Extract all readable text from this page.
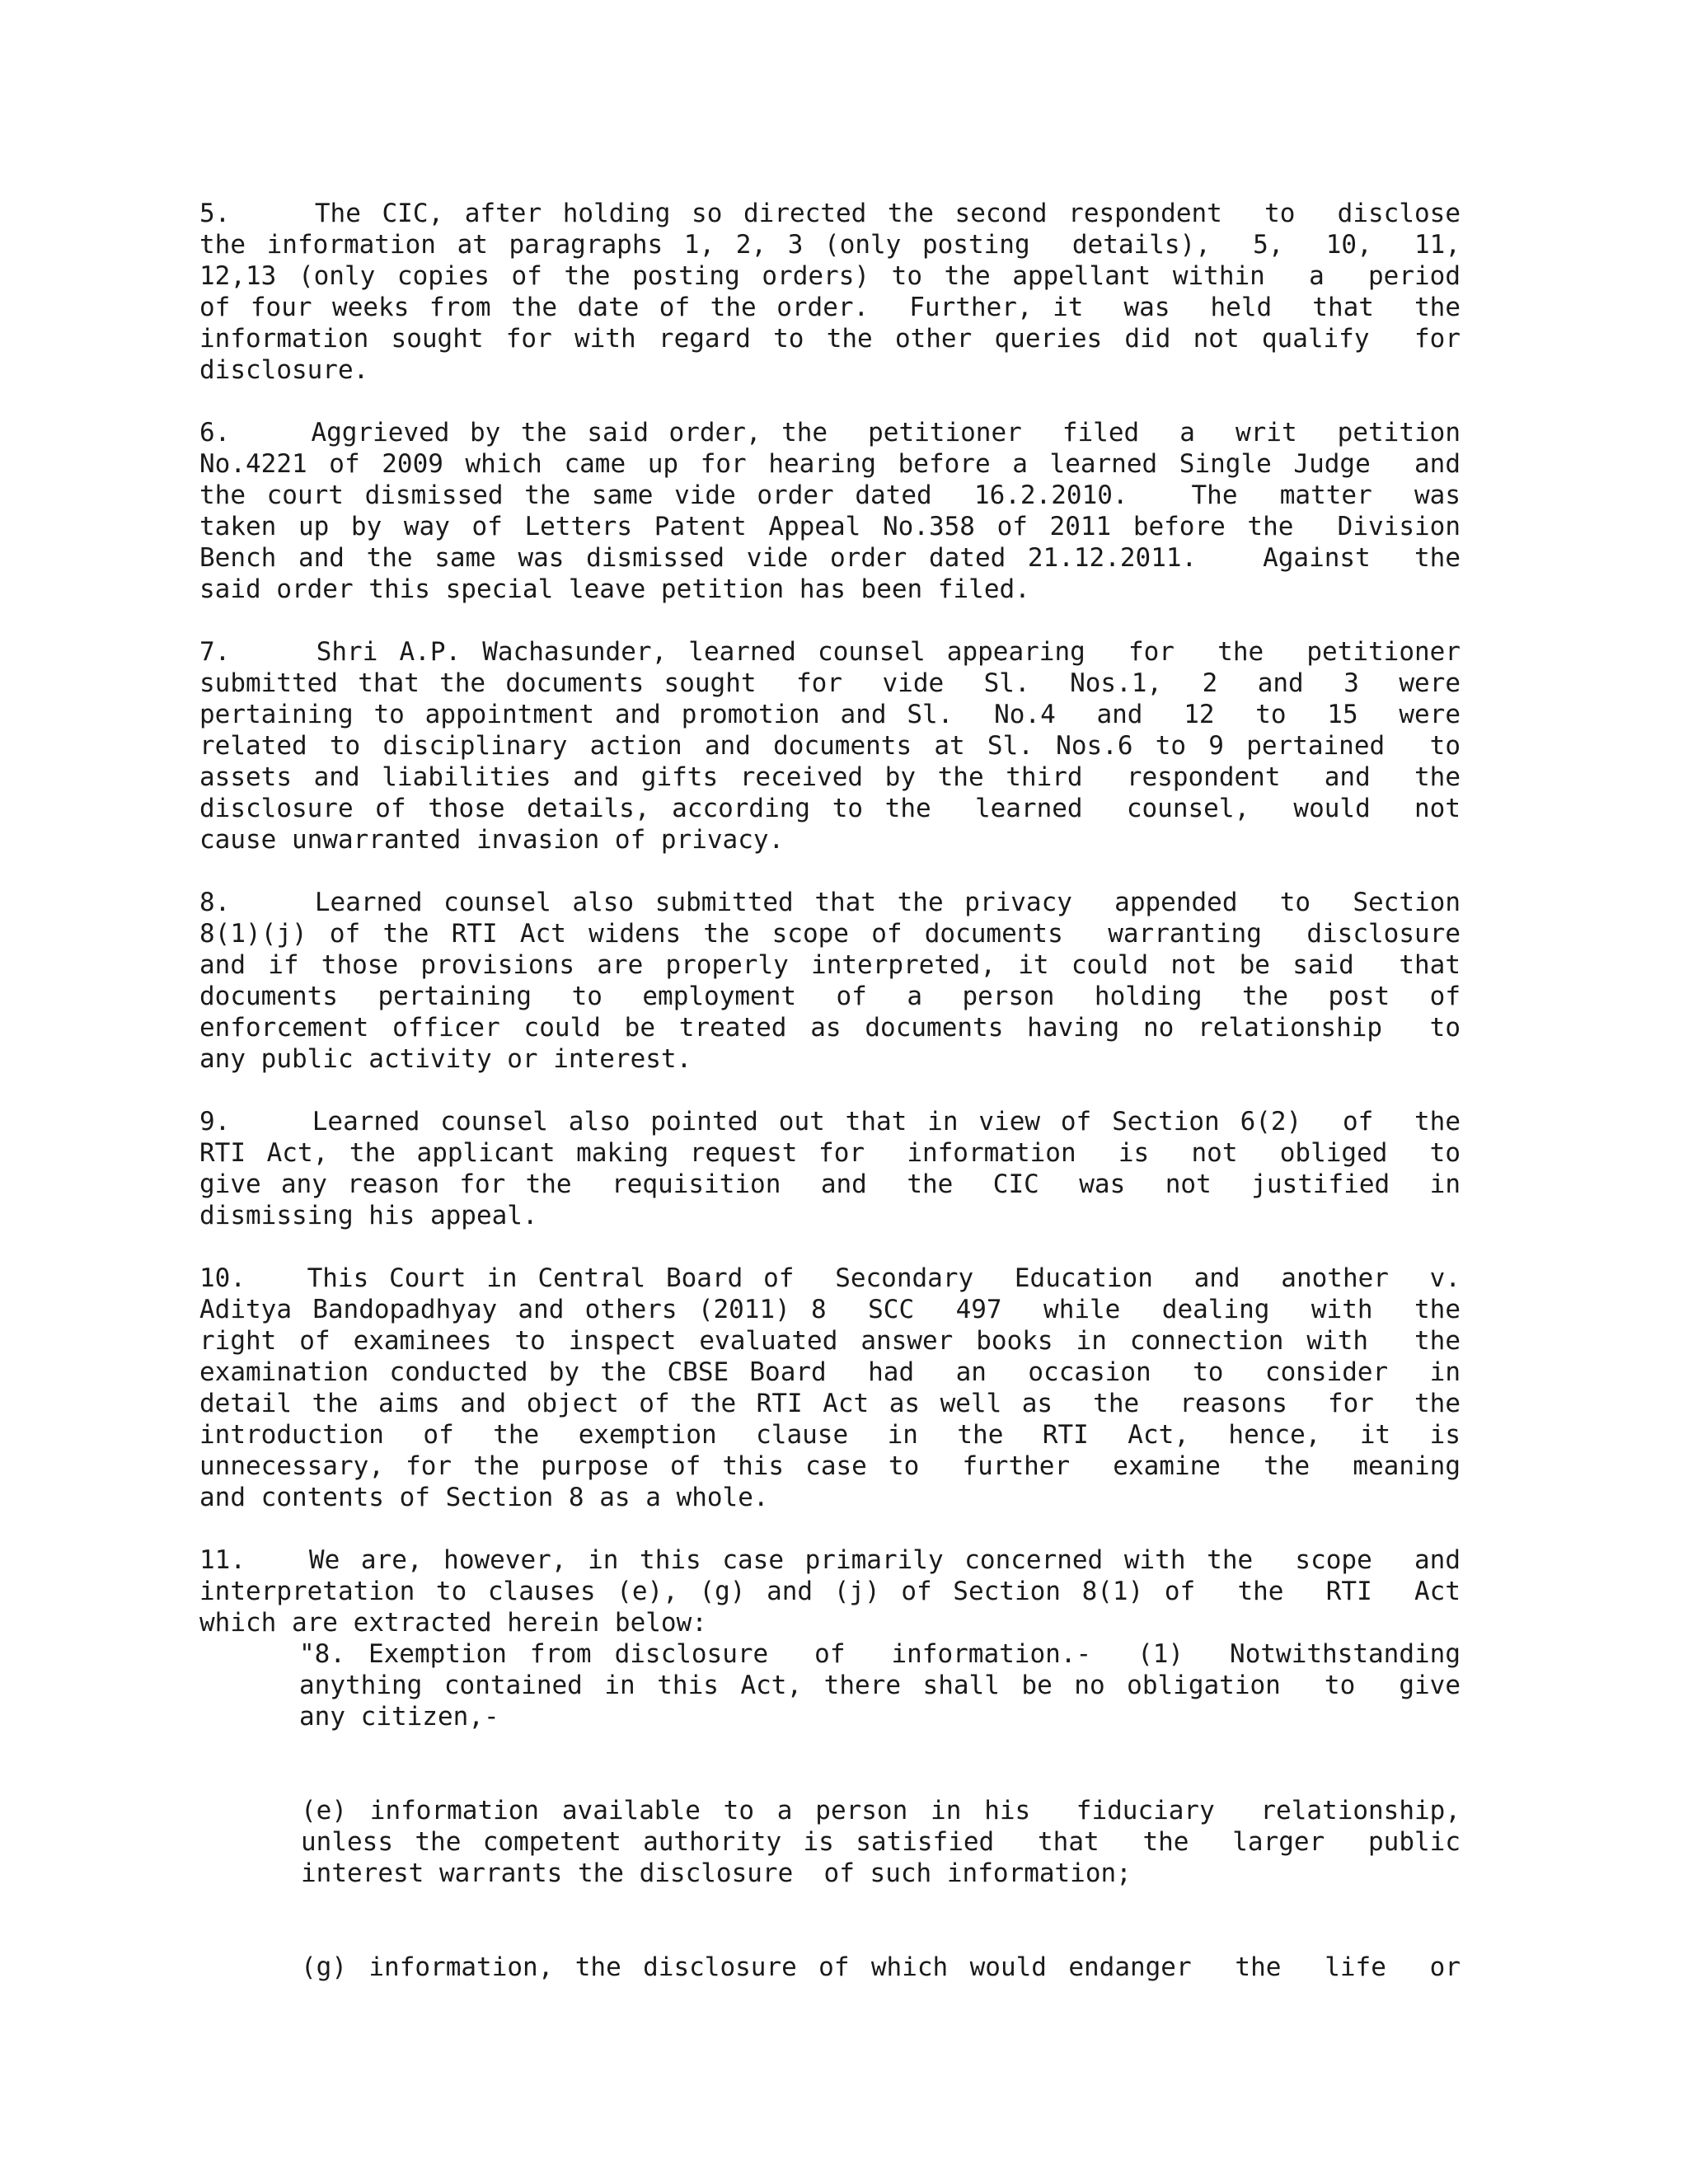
5.    The CIC, after holding so directed the second respondent  to  disclose
the information at paragraphs 1, 2, 3 (only posting  details),  5,  10,  11,
12,13 (only copies of the posting orders) to the appellant within  a  period
of four weeks from the date of the order.  Further, it  was  held  that  the
information sought for with regard to the other queries did not qualify  for
disclosure.
6.    Aggrieved by the said order, the  petitioner  filed  a  writ  petition
No.4221 of 2009 which came up for hearing before a learned Single Judge  and
the court dismissed the same vide order dated  16.2.2010.   The  matter  was
taken up by way of Letters Patent Appeal No.358 of 2011 before the  Division
Bench and the same was dismissed vide order dated 21.12.2011.   Against  the
said order this special leave petition has been filed.
7.    Shri A.P. Wachasunder, learned counsel appearing  for  the  petitioner
submitted that the documents sought  for  vide  Sl.  Nos.1,  2  and  3  were
pertaining to appointment and promotion and Sl.  No.4  and  12  to  15  were
related to disciplinary action and documents at Sl. Nos.6 to 9 pertained  to
assets and liabilities and gifts received by the third  respondent  and  the
disclosure of those details, according to the  learned  counsel,  would  not
cause unwarranted invasion of privacy.
8.    Learned counsel also submitted that the privacy  appended  to  Section
8(1)(j) of the RTI Act widens the scope of documents  warranting  disclosure
and if those provisions are properly interpreted, it could not be said  that
documents  pertaining  to  employment  of  a  person  holding  the  post  of
enforcement officer could be treated as documents having no relationship  to
any public activity or interest.
9.    Learned counsel also pointed out that in view of Section 6(2)  of  the
RTI Act, the applicant making request for  information  is  not  obliged  to
give any reason for the  requisition  and  the  CIC  was  not  justified  in
dismissing his appeal.
10.   This Court in Central Board of  Secondary  Education  and  another  v.
Aditya Bandopadhyay and others (2011) 8  SCC  497  while  dealing  with  the
right of examinees to inspect evaluated answer books in connection with  the
examination conducted by the CBSE Board  had  an  occasion  to  consider  in
detail the aims and object of the RTI Act as well as  the  reasons  for  the
introduction  of  the  exemption  clause  in  the  RTI  Act,  hence,  it  is
unnecessary, for the purpose of this case to  further  examine  the  meaning
and contents of Section 8 as a whole.
11.   We are, however, in this case primarily concerned with the  scope  and
interpretation to clauses (e), (g) and (j) of Section 8(1) of  the  RTI  Act
which are extracted herein below:
"8. Exemption from disclosure  of  information.-  (1)  Notwithstanding
anything contained in this Act, there shall be no obligation  to  give
any citizen,-
(e) information available to a person in his  fiduciary  relationship,
unless the competent authority is satisfied  that  the  larger  public
interest warrants the disclosure  of such information;
(g) information, the disclosure of which would endanger  the  life  or
